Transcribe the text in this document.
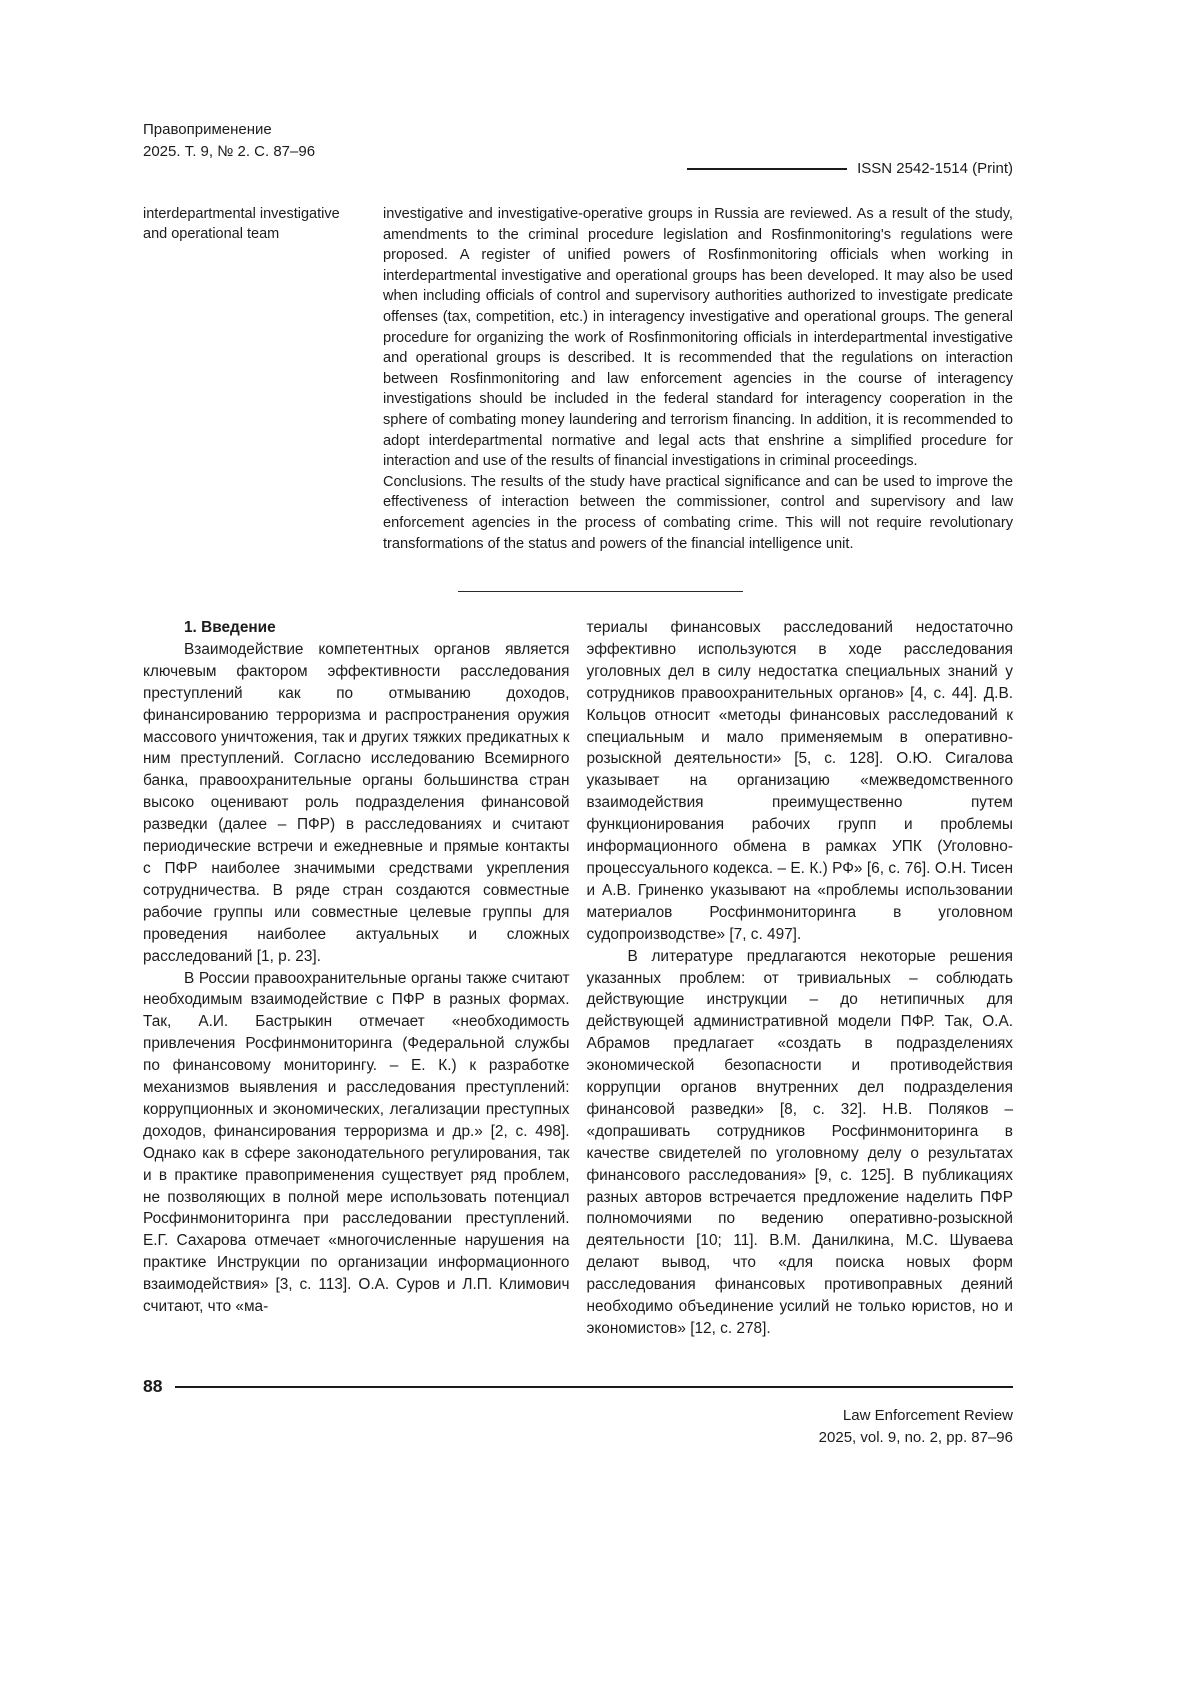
Правоприменение
2025. Т. 9, № 2. С. 87–96
ISSN 2542-1514 (Print)
interdepartmental investigative and operational team

investigative and investigative-operative groups in Russia are reviewed. As a result of the study, amendments to the criminal procedure legislation and Rosfinmonitoring's regulations were proposed. A register of unified powers of Rosfinmonitoring officials when working in interdepartmental investigative and operational groups has been developed. It may also be used when including officials of control and supervisory authorities authorized to investigate predicate offenses (tax, competition, etc.) in interagency investigative and operational groups. The general procedure for organizing the work of Rosfinmonitoring officials in interdepartmental investigative and operational groups is described. It is recommended that the regulations on interaction between Rosfinmonitoring and law enforcement agencies in the course of interagency investigations should be included in the federal standard for interagency cooperation in the sphere of combating money laundering and terrorism financing. In addition, it is recommended to adopt interdepartmental normative and legal acts that enshrine a simplified procedure for interaction and use of the results of financial investigations in criminal proceedings.

Conclusions. The results of the study have practical significance and can be used to improve the effectiveness of interaction between the commissioner, control and supervisory and law enforcement agencies in the process of combating crime. This will not require revolutionary transformations of the status and powers of the financial intelligence unit.

1. Введение
Взаимодействие компетентных органов является ключевым фактором эффективности расследования преступлений как по отмыванию доходов, финансированию терроризма и распространения оружия массового уничтожения, так и других тяжких предикатных к ним преступлений. Согласно исследованию Всемирного банка, правоохранительные органы большинства стран высоко оценивают роль подразделения финансовой разведки (далее – ПФР) в расследованиях и считают периодические встречи и ежедневные и прямые контакты с ПФР наиболее значимыми средствами укрепления сотрудничества. В ряде стран создаются совместные рабочие группы или совместные целевые группы для проведения наиболее актуальных и сложных расследований [1, p. 23].
В России правоохранительные органы также считают необходимым взаимодействие с ПФР в разных формах. Так, А.И. Бастрыкин отмечает «необходимость привлечения Росфинмониторинга (Федеральной службы по финансовому мониторингу. – Е. К.) к разработке механизмов выявления и расследования преступлений: коррупционных и экономических, легализации преступных доходов, финансирования терроризма и др.» [2, с. 498]. Однако как в сфере законодательного регулирования, так и в практике правоприменения существует ряд проблем, не позволяющих в полной мере использовать потенциал Росфинмониторинга при расследовании преступлений. Е.Г. Сахарова отмечает «многочисленные нарушения на практике Инструкции по организации информационного взаимодействия» [3, с. 113]. О.А. Суров и Л.П. Климович считают, что «ма-
териалы финансовых расследований недостаточно эффективно используются в ходе расследования уголовных дел в силу недостатка специальных знаний у сотрудников правоохранительных органов» [4, с. 44]. Д.В. Кольцов относит «методы финансовых расследований к специальным и мало применяемым в оперативно-розыскной деятельности» [5, с. 128]. О.Ю. Сигалова указывает на организацию «межведомственного взаимодействия преимущественно путем функционирования рабочих групп и проблемы информационного обмена в рамках УПК (Уголовно-процессуального кодекса. – Е. К.) РФ» [6, с. 76]. О.Н. Тисен и А.В. Гриненко указывают на «проблемы использовании материалов Росфинмониторинга в уголовном судопроизводстве» [7, с. 497].
В литературе предлагаются некоторые решения указанных проблем: от тривиальных – соблюдать действующие инструкции – до нетипичных для действующей административной модели ПФР. Так, О.А. Абрамов предлагает «создать в подразделениях экономической безопасности и противодействия коррупции органов внутренних дел подразделения финансовой разведки» [8, с. 32]. Н.В. Поляков – «допрашивать сотрудников Росфинмониторинга в качестве свидетелей по уголовному делу о результатах финансового расследования» [9, с. 125]. В публикациях разных авторов встречается предложение наделить ПФР полномочиями по ведению оперативно-розыскной деятельности [10; 11]. В.М. Данилкина, М.С. Шуваева делают вывод, что «для поиска новых форм расследования финансовых противоправных деяний необходимо объединение усилий не только юристов, но и экономистов» [12, с. 278].
88
Law Enforcement Review
2025, vol. 9, no. 2, pp. 87–96
